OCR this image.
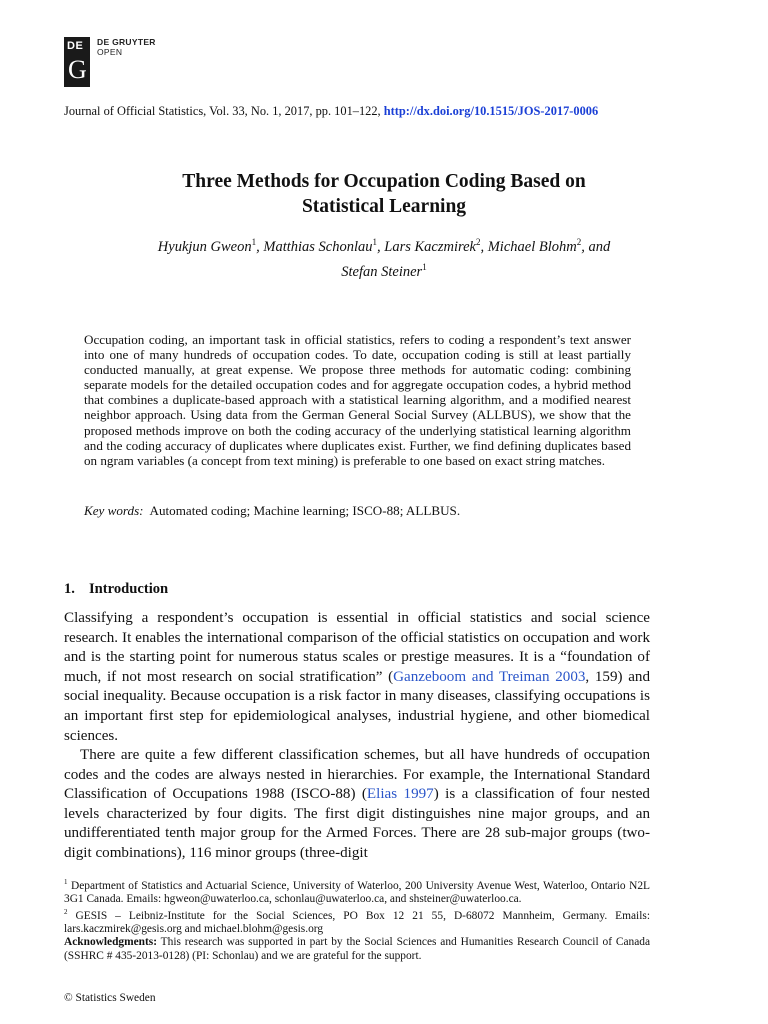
DE
G
DE GRUYTER
OPEN
Journal of Official Statistics, Vol. 33, No. 1, 2017, pp. 101–122, http://dx.doi.org/10.1515/JOS-2017-0006
Three Methods for Occupation Coding Based on
Statistical Learning
Hyukjun Gweon$^1$, Matthias Schonlau$^1$, Lars Kaczmirek$^2$, Michael Blohm$^2$, and
Stefan Steiner$^1$
Occupation coding, an important task in official statistics, refers to coding a respondent’s text answer into one of many hundreds of occupation codes. To date, occupation coding is still at least partially conducted manually, at great expense. We propose three methods for automatic coding: combining separate models for the detailed occupation codes and for aggregate occupation codes, a hybrid method that combines a duplicate-based approach with a statistical learning algorithm, and a modified nearest neighbor approach. Using data from the German General Social Survey (ALLBUS), we show that the proposed methods improve on both the coding accuracy of the underlying statistical learning algorithm and the coding accuracy of duplicates where duplicates exist. Further, we find defining duplicates based on ngram variables (a concept from text mining) is preferable to one based on exact string matches.
Key words: Automated coding; Machine learning; ISCO-88; ALLBUS.
1. Introduction
Classifying a respondent’s occupation is essential in official statistics and social science research. It enables the international comparison of the official statistics on occupation and work and is the starting point for numerous status scales or prestige measures. It is a “foundation of much, if not most research on social stratification” (Ganzeboom and Treiman 2003, 159) and social inequality. Because occupation is a risk factor in many diseases, classifying occupations is an important first step for epidemiological analyses, industrial hygiene, and other biomedical sciences.
There are quite a few different classification schemes, but all have hundreds of occupation codes and the codes are always nested in hierarchies. For example, the International Standard Classification of Occupations 1988 (ISCO-88) (Elias 1997) is a classification of four nested levels characterized by four digits. The first digit distinguishes nine major groups, and an undifferentiated tenth major group for the Armed Forces. There are 28 sub-major groups (two-digit combinations), 116 minor groups (three-digit

$^1$ Department of Statistics and Actuarial Science, University of Waterloo, 200 University Avenue West, Waterloo, Ontario N2L 3G1 Canada. Emails: hgweon@uwaterloo.ca, schonlau@uwaterloo.ca, and shsteiner@uwaterloo.ca.

$^2$ GESIS – Leibniz-Institute for the Social Sciences, PO Box 12 21 55, D-68072 Mannheim, Germany. Emails: lars.kaczmirek@gesis.org and michael.blohm@gesis.org

Acknowledgments: This research was supported in part by the Social Sciences and Humanities Research Council of Canada (SSHRC # 435-2013-0128) (PI: Schonlau) and we are grateful for the support.

© Statistics Sweden
